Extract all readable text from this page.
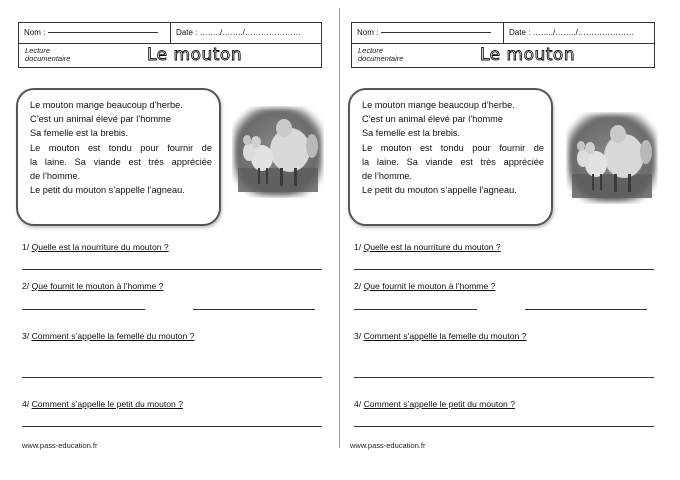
Nom :	Date : ……../……../…………………
Lecture
documentaire	Le mouton

Le mouton mange beaucoup d’herbe.
C’est un animal élevé par l’homme
Sa femelle est la brebis.
Le mouton est tondu pour fournir de
la laine. Sa viande est très appréciée
de l’homme.
Le petit du mouton s’appelle l’agneau.

1/ Quelle est la nourriture du mouton ?
2/ Que fournit le mouton à l’homme ?
3/ Comment s’appelle la femelle du mouton ?
4/ Comment s’appelle le petit du mouton ?
www.pass-education.fr
Nom :	Date : ……../……../…………………
Lecture
documentaire	Le mouton

Le mouton mange beaucoup d’herbe.
C’est un animal élevé par l’homme
Sa femelle est la brebis.
Le mouton est tondu pour fournir de
la laine. Sa viande est très appréciée
de l’homme.
Le petit du mouton s’appelle l’agneau.

1/ Quelle est la nourriture du mouton ?
2/ Que fournit le mouton à l’homme ?
3/ Comment s’appelle la femelle du mouton ?
4/ Comment s’appelle le petit du mouton ?
www.pass-education.fr
